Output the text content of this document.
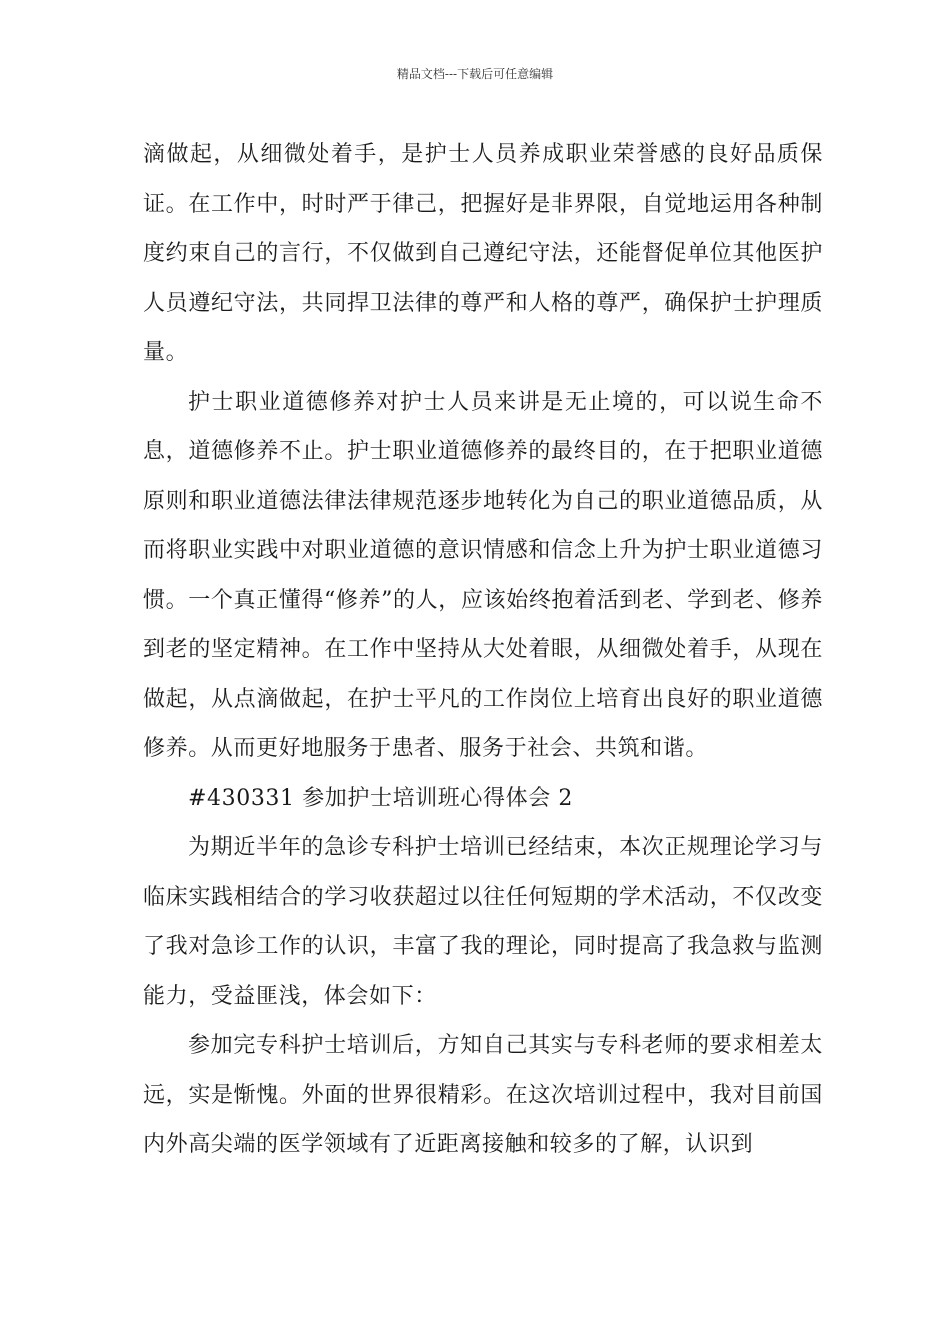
精品文档---下载后可任意编辑

滴做起，从细微处着手，是护士人员养成职业荣誉感的良好品质保证。在工作中，时时严于律己，把握好是非界限，自觉地运用各种制度约束自己的言行，不仅做到自己遵纪守法，还能督促单位其他医护人员遵纪守法，共同捍卫法律的尊严和人格的尊严，确保护士护理质量。

护士职业道德修养对护士人员来讲是无止境的，可以说生命不息，道德修养不止。护士职业道德修养的最终目的，在于把职业道德原则和职业道德法律法律规范逐步地转化为自己的职业道德品质，从而将职业实践中对职业道德的意识情感和信念上升为护士职业道德习惯。一个真正懂得“修养”的人，应该始终抱着活到老、学到老、修养到老的坚定精神。在工作中坚持从大处着眼，从细微处着手，从现在做起，从点滴做起，在护士平凡的工作岗位上培育出良好的职业道德修养。从而更好地服务于患者、服务于社会、共筑和谐。

#430331 参加护士培训班心得体会 2

为期近半年的急诊专科护士培训已经结束，本次正规理论学习与临床实践相结合的学习收获超过以往任何短期的学术活动，不仅改变了我对急诊工作的认识，丰富了我的理论，同时提高了我急救与监测能力，受益匪浅，体会如下：

参加完专科护士培训后，方知自己其实与专科老师的要求相差太远，实是惭愧。外面的世界很精彩。在这次培训过程中，我对目前国内外高尖端的医学领域有了近距离接触和较多的了解，认识到
